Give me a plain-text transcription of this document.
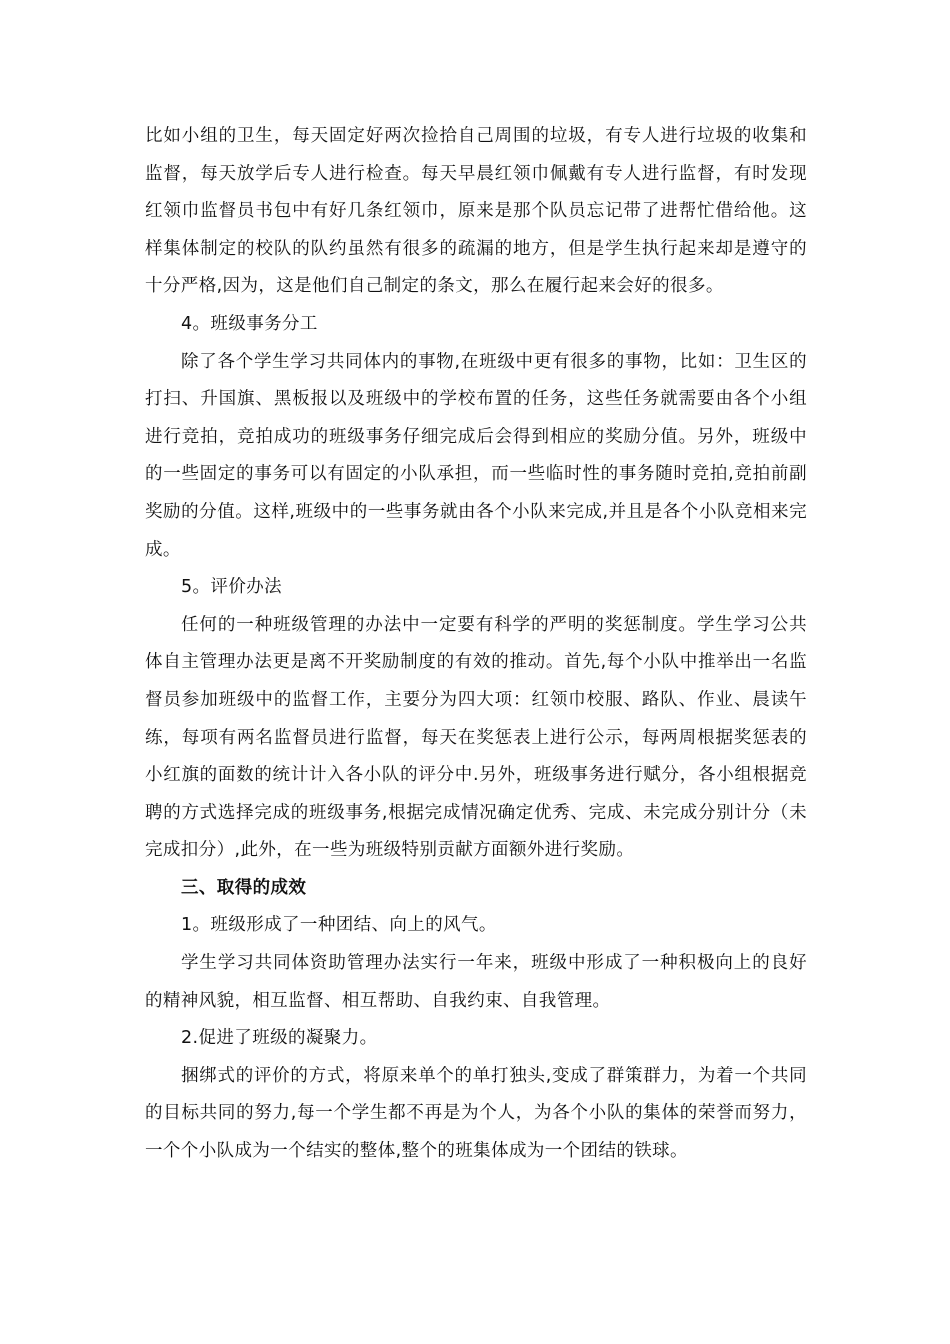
比如小组的卫生，每天固定好两次捡拾自己周围的垃圾，有专人进行垃圾的收集和监督，每天放学后专人进行检查。每天早晨红领巾佩戴有专人进行监督，有时发现红领巾监督员书包中有好几条红领巾，原来是那个队员忘记带了进帮忙借给他。这样集体制定的校队的队约虽然有很多的疏漏的地方，但是学生执行起来却是遵守的十分严格,因为，这是他们自己制定的条文，那么在履行起来会好的很多。

4。班级事务分工

除了各个学生学习共同体内的事物,在班级中更有很多的事物，比如：卫生区的打扫、升国旗、黑板报以及班级中的学校布置的任务，这些任务就需要由各个小组进行竞拍，竞拍成功的班级事务仔细完成后会得到相应的奖励分值。另外，班级中的一些固定的事务可以有固定的小队承担，而一些临时性的事务随时竞拍,竞拍前副奖励的分值。这样,班级中的一些事务就由各个小队来完成,并且是各个小队竞相来完成。

5。评价办法

任何的一种班级管理的办法中一定要有科学的严明的奖惩制度。学生学习公共体自主管理办法更是离不开奖励制度的有效的推动。首先,每个小队中推举出一名监督员参加班级中的监督工作，主要分为四大项：红领巾校服、路队、作业、晨读午练，每项有两名监督员进行监督，每天在奖惩表上进行公示，每两周根据奖惩表的小红旗的面数的统计计入各小队的评分中.另外，班级事务进行赋分，各小组根据竞聘的方式选择完成的班级事务,根据完成情况确定优秀、完成、未完成分别计分（未完成扣分）,此外，在一些为班级特别贡献方面额外进行奖励。

三、取得的成效

1。班级形成了一种团结、向上的风气。

学生学习共同体资助管理办法实行一年来，班级中形成了一种积极向上的良好的精神风貌，相互监督、相互帮助、自我约束、自我管理。

2.促进了班级的凝聚力。

捆绑式的评价的方式，将原来单个的单打独头,变成了群策群力，为着一个共同的目标共同的努力,每一个学生都不再是为个人，为各个小队的集体的荣誉而努力，一个个小队成为一个结实的整体,整个的班集体成为一个团结的铁球。
